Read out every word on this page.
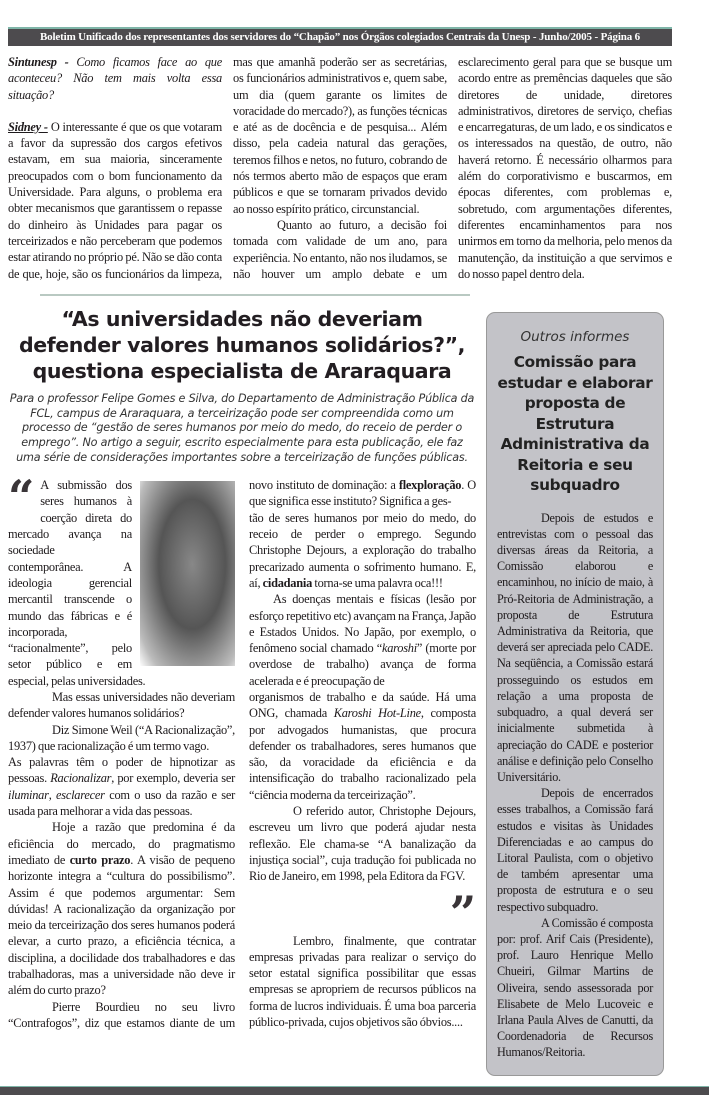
Boletim Unificado dos representantes dos servidores do “Chapão” nos Órgãos colegiados Centrais da Unesp - Junho/2005 - Página 6

Sintunesp - Como ficamos face ao que aconteceu? Não tem mais volta essa situação?

Sidney - O interessante é que os que votaram a favor da supressão dos cargos efetivos estavam, em sua maioria, sinceramente preocupados com o bom funcionamento da Universidade. Para alguns, o problema era obter mecanismos que garantissem o repasse do dinheiro às Unidades para pagar os terceirizados e não perceberam que podemos estar atirando no próprio pé. Não se dão conta de que, hoje, são os funcionários da limpeza, mas que amanhã poderão ser as secretárias, os funcionários administrativos e, quem sabe, um dia (quem garante os limites de voracidade do mercado?), as funções técnicas e até as de docência e de pesquisa... Além disso, pela cadeia natural das gerações, teremos filhos e netos, no futuro, cobrando de nós termos aberto mão de espaços que eram públicos e que se tornaram privados devido ao nosso espírito prático, circunstancial.

Quanto ao futuro, a decisão foi tomada com validade de um ano, para experiência. No entanto, não nos iludamos, se não houver um amplo debate e um esclarecimento geral para que se busque um acordo entre as premências daqueles que são diretores de unidade, diretores administrativos, diretores de serviço, chefias e encarregaturas, de um lado, e os sindicatos e os interessados na questão, de outro, não haverá retorno. É necessário olharmos para além do corporativismo e buscarmos, em épocas diferentes, com problemas e, sobretudo, com argumentações diferentes, diferentes encaminhamentos para nos unirmos em torno da melhoria, pelo menos da manutenção, da instituição a que servimos e do nosso papel dentro dela.

“As universidades não deveriam defender valores humanos solidários?”, questiona especialista de Araraquara
Para o professor Felipe Gomes e Silva, do Departamento de Administração Pública da FCL, campus de Araraquara, a terceirização pode ser compreendida como um processo de “gestão de seres humanos por meio do medo, do receio de perder o emprego”. No artigo a seguir, escrito especialmente para esta publicação, ele faz uma série de considerações importantes sobre a terceirização de funções públicas.

“ A submissão dos seres humanos à coerção direta do mercado avança na sociedade contemporânea. A ideologia gerencial mercantil transcende o mundo das fábricas e é incorporada, “racionalmente”, pelo setor público e em especial, pelas universidades.

Mas essas universidades não deveriam defender valores humanos solidários?

Diz Simone Weil (“A Racionalização”, 1937) que racionalização é um termo vago.

As palavras têm o poder de hipnotizar as pessoas. Racionalizar, por exemplo, deveria ser iluminar, esclarecer com o uso da razão e ser usada para melhorar a vida das pessoas.

Hoje a razão que predomina é da eficiência do mercado, do pragmatismo imediato de curto prazo. A visão de pequeno horizonte integra a “cultura do possibilismo”. Assim é que podemos argumentar: Sem dúvidas! A racionalização da organização por meio da terceirização dos seres humanos poderá elevar, a curto prazo, a eficiência técnica, a disciplina, a docilidade dos trabalhadores e das trabalhadoras, mas a universidade não deve ir além do curto prazo?

Pierre Bourdieu no seu livro “Contrafogos”, diz que estamos diante de um novo instituto de dominação: a flexploração. O que significa esse instituto? Significa a ges-

tão de seres humanos por meio do medo, do receio de perder o emprego. Segundo Christophe Dejours, a exploração do trabalho precarizado aumenta o sofrimento humano. E, aí, cidadania torna-se uma palavra oca!!!

As doenças mentais e físicas (lesão por esforço repetitivo etc) avançam na França, Japão e Estados Unidos. No Japão, por exemplo, o fenômeno social chamado “karoshi” (morte por overdose de trabalho) avança de forma acelerada e é preocupação de

organismos de trabalho e da saúde. Há uma ONG, chamada Karoshi Hot-Line, composta por advogados humanistas, que procura defender os trabalhadores, seres humanos que são, da voracidade da eficiência e da intensificação do trabalho racionalizado pela “ciência moderna da terceirização”.

O referido autor, Christophe Dejours, escreveu um livro que poderá ajudar nesta reflexão. Ele chama-se “A banalização da injustiça social”, cuja tradução foi publicada no Rio de Janeiro, em 1998, pela Editora da FGV.

”
Lembro, finalmente, que contratar empresas privadas para realizar o serviço do setor estatal significa possibilitar que essas empresas se apropriem de recursos públicos na forma de lucros individuais. É uma boa parceria público-privada, cujos objetivos são óbvios....

Outros informes
Comissão para estudar e elaborar proposta de Estrutura Administrativa da Reitoria e seu subquadro

Depois de estudos e entrevistas com o pessoal das diversas áreas da Reitoria, a Comissão elaborou e encaminhou, no início de maio, à Pró-Reitoria de Administração, a proposta de Estrutura Administrativa da Reitoria, que deverá ser apreciada pelo CADE. Na seqüência, a Comissão estará prosseguindo os estudos em relação a uma proposta de subquadro, a qual deverá ser inicialmente submetida à apreciação do CADE e posterior análise e definição pelo Conselho Universitário.

Depois de encerrados esses trabalhos, a Comissão fará estudos e visitas às Unidades Diferenciadas e ao campus do Litoral Paulista, com o objetivo de também apresentar uma proposta de estrutura e o seu respectivo subquadro.

A Comissão é composta por: prof. Arif Cais (Presidente), prof. Lauro Henrique Mello Chueiri, Gilmar Martins de Oliveira, sendo assessorada por Elisabete de Melo Lucoveic e Irlana Paula Alves de Canutti, da Coordenadoria de Recursos Humanos/Reitoria.
